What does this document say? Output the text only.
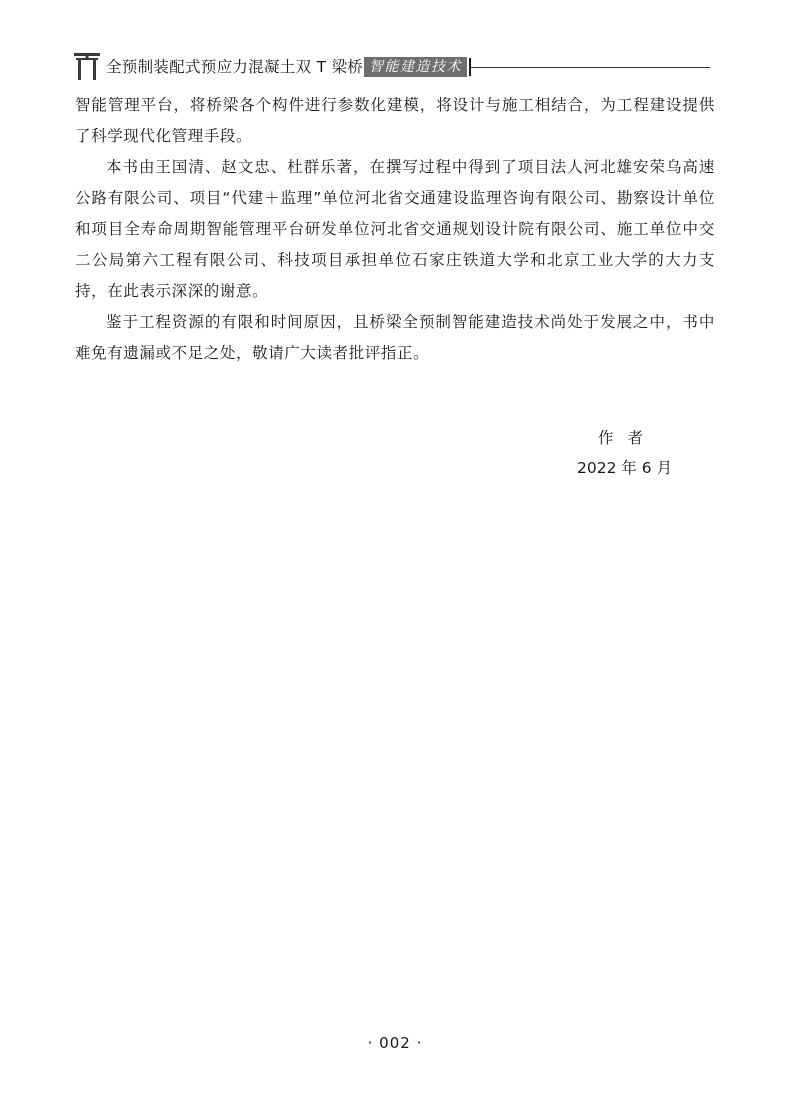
全预制装配式预应力混凝土双 T 梁桥 智能建造技术

智能管理平台，将桥梁各个构件进行参数化建模，将设计与施工相结合，为工程建设提供了科学现代化管理手段。

本书由王国清、赵文忠、杜群乐著，在撰写过程中得到了项目法人河北雄安荣乌高速公路有限公司、项目“代建＋监理”单位河北省交通建设监理咨询有限公司、勘察设计单位和项目全寿命周期智能管理平台研发单位河北省交通规划设计院有限公司、施工单位中交二公局第六工程有限公司、科技项目承担单位石家庄铁道大学和北京工业大学的大力支持，在此表示深深的谢意。

鉴于工程资源的有限和时间原因，且桥梁全预制智能建造技术尚处于发展之中，书中难免有遗漏或不足之处，敬请广大读者批评指正。

作者
2022 年 6 月
· 002 ·
